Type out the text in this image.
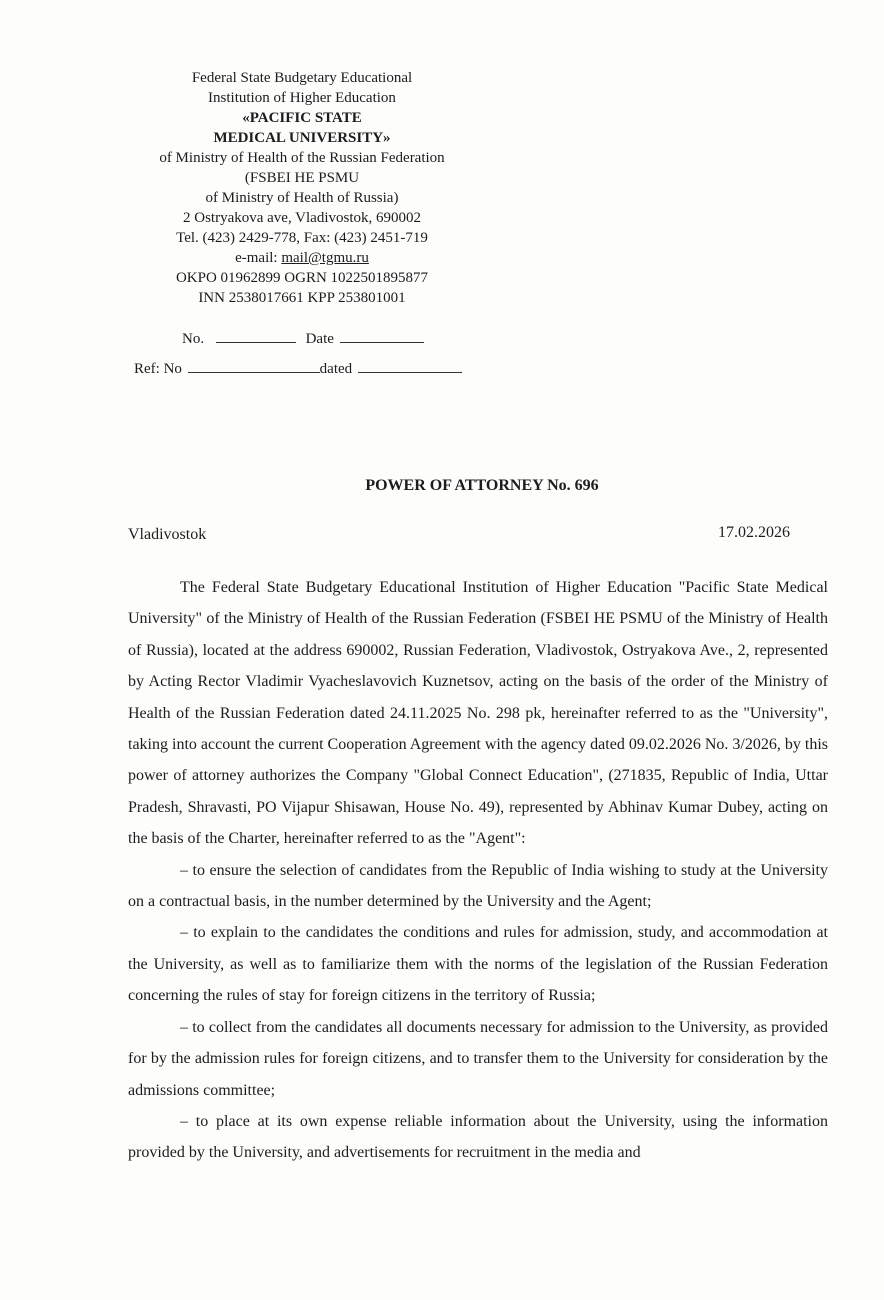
Federal State Budgetary Educational
Institution of Higher Education
«PACIFIC STATE
MEDICAL UNIVERSITY»
of Ministry of Health of the Russian Federation
(FSBEI HE PSMU
of Ministry of Health of Russia)
2 Ostryakova ave, Vladivostok, 690002
Tel. (423) 2429-778, Fax: (423) 2451-719
e-mail: mail@tgmu.ru
OKPO 01962899 OGRN 1022501895877
INN 2538017661 KPP 253801001
No.	Date
Ref: No	dated
POWER OF ATTORNEY No. 696
Vladivostok	17.02.2026

The Federal State Budgetary Educational Institution of Higher Education "Pacific State Medical University" of the Ministry of Health of the Russian Federation (FSBEI HE PSMU of the Ministry of Health of Russia), located at the address 690002, Russian Federation, Vladivostok, Ostryakova Ave., 2, represented by Acting Rector Vladimir Vyacheslavovich Kuznetsov, acting on the basis of the order of the Ministry of Health of the Russian Federation dated 24.11.2025 No. 298 pk, hereinafter referred to as the "University", taking into account the current Cooperation Agreement with the agency dated 09.02.2026 No. 3/2026, by this power of attorney authorizes the Company "Global Connect Education", (271835, Republic of India, Uttar Pradesh, Shravasti, PO Vijapur Shisawan, House No. 49), represented by Abhinav Kumar Dubey, acting on the basis of the Charter, hereinafter referred to as the "Agent":

– to ensure the selection of candidates from the Republic of India wishing to study at the University on a contractual basis, in the number determined by the University and the Agent;

– to explain to the candidates the conditions and rules for admission, study, and accommodation at the University, as well as to familiarize them with the norms of the legislation of the Russian Federation concerning the rules of stay for foreign citizens in the territory of Russia;

– to collect from the candidates all documents necessary for admission to the University, as provided for by the admission rules for foreign citizens, and to transfer them to the University for consideration by the admissions committee;

– to place at its own expense reliable information about the University, using the information provided by the University, and advertisements for recruitment in the media and
